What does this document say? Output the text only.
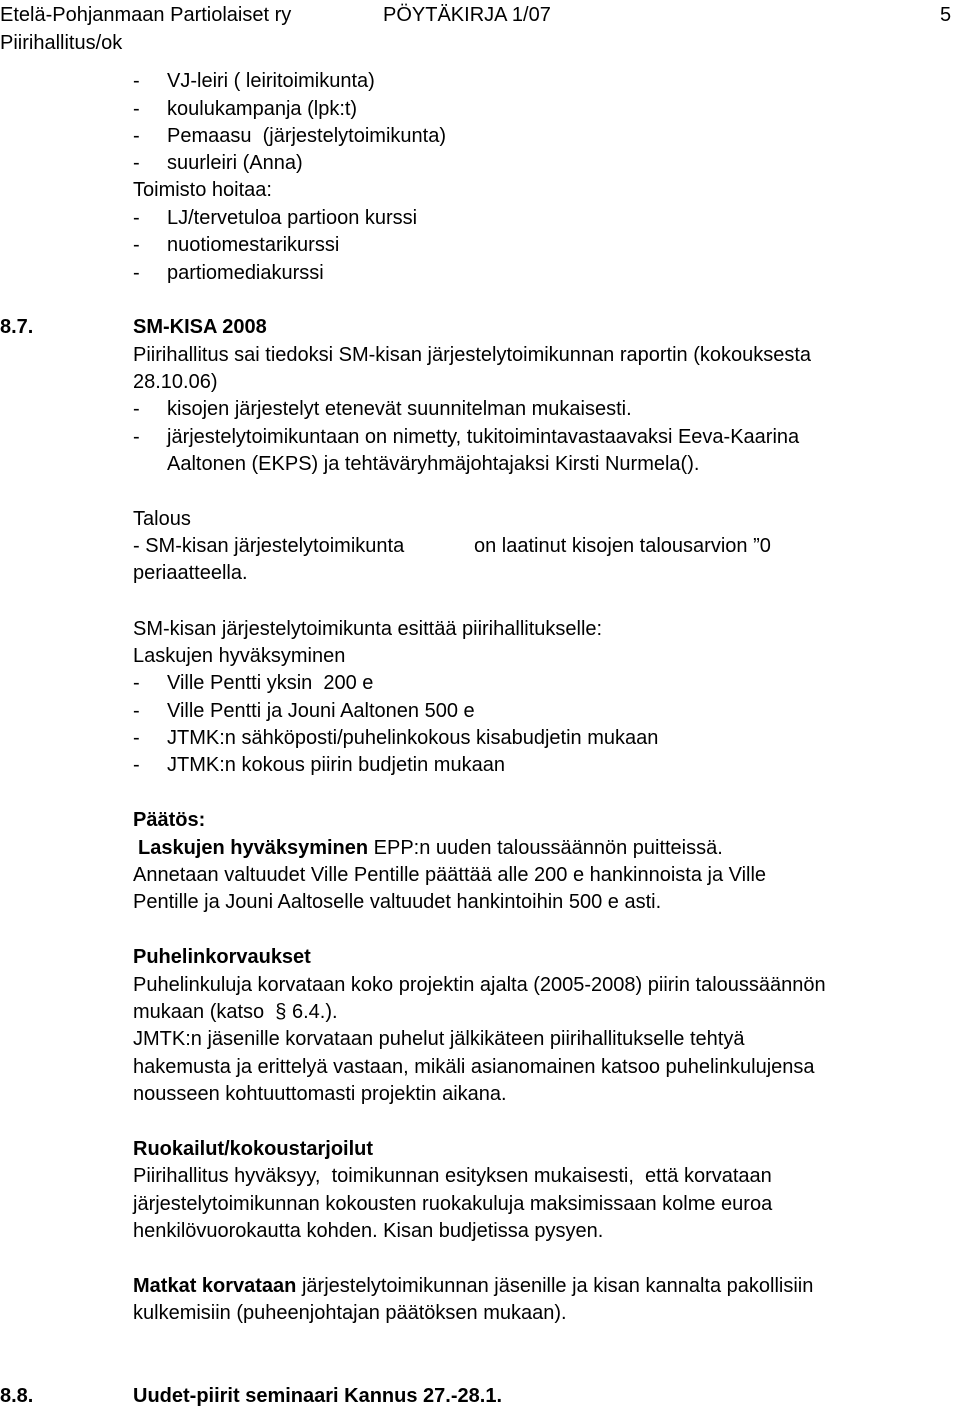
Etelä-Pohjanmaan Partiolaiset ry	PÖYTÄKIRJA 1/07	5
Piirihallitus/ok
- VJ-leiri ( leiritoimikunta)
- koulukampanja (lpk:t)
- Pemaasu  (järjestelytoimikunta)
- suurleiri (Anna)
Toimisto hoitaa:
- LJ/tervetuloa partioon kurssi
- nuotiomestarikurssi
- partiomediakurssi
8.7.	SM-KISA 2008
Piirihallitus sai tiedoksi SM-kisan järjestelytoimikunnan raportin (kokouksesta
28.10.06)
- kisojen järjestelyt etenevät suunnitelman mukaisesti.
- järjestelytoimikuntaan on nimetty, tukitoimintavastaavaksi Eeva-Kaarina
Aaltonen (EKPS) ja tehtäväryhmäjohtajaksi Kirsti Nurmela().
Talous
- SM-kisan järjestelytoimikunta	on laatinut kisojen talousarvion ”0
periaatteella.
SM-kisan järjestelytoimikunta esittää piirihallitukselle:
Laskujen hyväksyminen
- Ville Pentti yksin  200 e
- Ville Pentti ja Jouni Aaltonen 500 e
- JTMK:n sähköposti/puhelinkokous kisabudjetin mukaan
- JTMK:n kokous piirin budjetin mukaan
Päätös:
Laskujen hyväksyminen EPP:n uuden taloussäännön puitteissä.
Annetaan valtuudet Ville Pentille päättää alle 200 e hankinnoista ja Ville
Pentille ja Jouni Aaltoselle valtuudet hankintoihin 500 e asti.
Puhelinkorvaukset
Puhelinkuluja korvataan koko projektin ajalta (2005-2008) piirin taloussäännön
mukaan (katso  § 6.4.).
JMTK:n jäsenille korvataan puhelut jälkikäteen piirihallitukselle tehtyä
hakemusta ja erittelyä vastaan, mikäli asianomainen katsoo puhelinkulujensa
nousseen kohtuuttomasti projektin aikana.
Ruokailut/kokoustarjoilut
Piirihallitus hyväksyy,  toimikunnan esityksen mukaisesti,  että korvataan
järjestelytoimikunnan kokousten ruokakuluja maksimissaan kolme euroa
henkilövuorokautta kohden. Kisan budjetissa pysyen.
Matkat korvataan järjestelytoimikunnan jäsenille ja kisan kannalta pakollisiin
kulkemisiin (puheenjohtajan päätöksen mukaan).
8.8.	Uudet-piirit seminaari Kannus 27.-28.1.
